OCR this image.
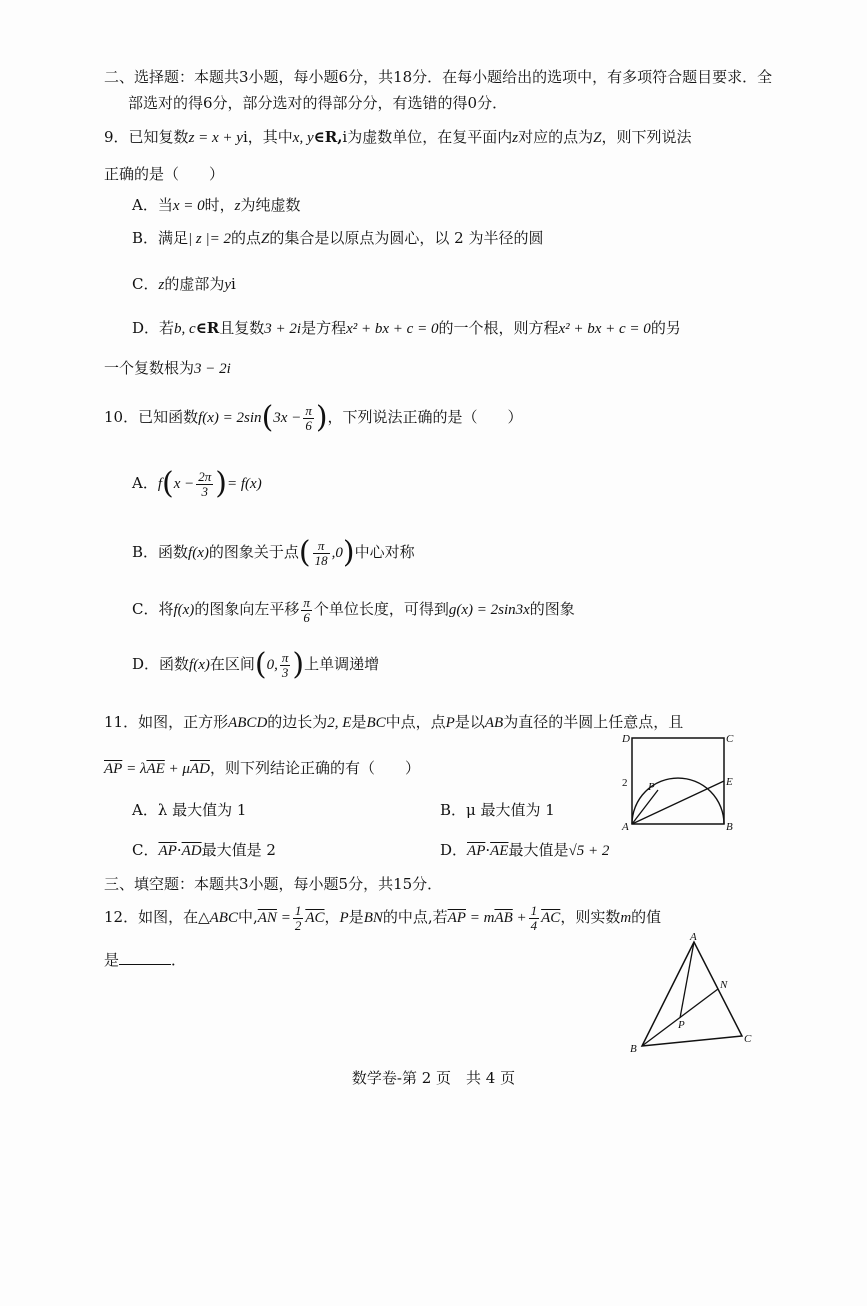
二、选择题：本题共3小题，每小题6分，共18分．在每小题给出的选项中，有多项符合题目要求．全
部选对的得6分，部分选对的得部分分，有选错的得0分．
9．已知复数z = x + yi，其中x, y∈R,i为虚数单位，在复平面内z对应的点为Z，则下列说法
正确的是（　　）
A．当x = 0时，z为纯虚数
B．满足| z |= 2的点Z的集合是以原点为圆心，以 2 为半径的圆
C．z的虚部为yi
D．若b, c∈R且复数3 + 2i是方程x² + bx + c = 0的一个根，则方程x² + bx + c = 0的另
一个复数根为3 − 2i
10．已知函数$f(x) = 2\sin(3x - \frac{\pi}{6}$ )，下列说法正确的是（　　）
A．$f(x - \frac{2\pi}{3}$ )= f(x)
B．函数f(x)的图象关于点( $\frac{\pi}{18} ,0$)中心对称
C．将f(x)的图象向左平移 $\frac{\pi}{6}$ 个单位长度，可得到g(x) = 2sin3x的图象
D．函数f(x)在区间(0, $\frac{\pi}{3}$ )上单调递增
11．如图，正方形ABCD的边长为2, E是BC中点，点P是以AB为直径的半圆上任意点，且
$\overline{AP} = \lambda\overline{AE} + \mu\overline{AD}$，则下列结论正确的有（　　）
A．λ 最大值为 1	B．μ 最大值为 1
C．$\overline{AP}\cdot\overline{AD}$最大值是 2	D．$\overline{AP}\cdot\overline{AE}$最大值是√5 + 2
D	C
2 P	E
A	B
三、填空题：本题共3小题，每小题5分，共15分．
12．如图，在△ABC中$,\overline{AN} = \frac{1}{2} \overline{AC}$，P是BN的中点,若$\overline{AP} = m\overline{AB} + \frac{1}{4} \overline{AC}$，则实数m的值
是	．
A
N
P
B
C
数学卷-第 2 页　共 4 页
